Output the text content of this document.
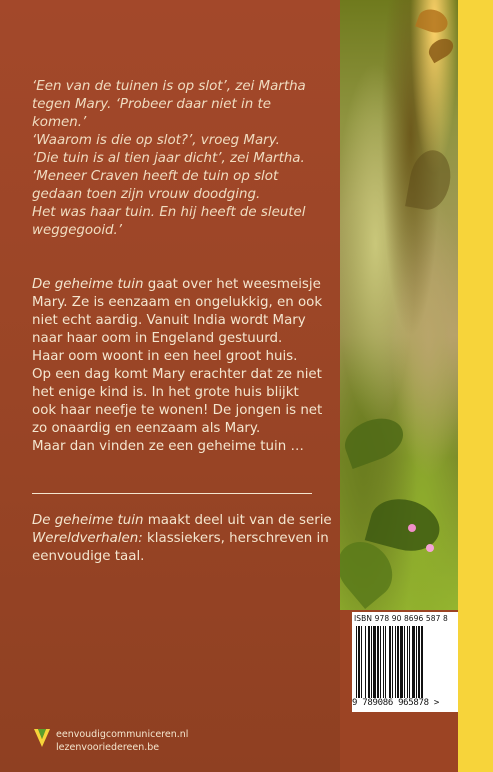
‘Een van de tuinen is op slot’, zei Martha

tegen Mary. ‘Probeer daar niet in te

komen.’

‘Waarom is die op slot?’, vroeg Mary.

‘Die tuin is al tien jaar dicht’, zei Martha.

‘Meneer Craven heeft de tuin op slot

gedaan toen zijn vrouw doodging.

Het was haar tuin. En hij heeft de sleutel

weggegooid.’

De geheime tuin gaat over het weesmeisje

Mary. Ze is eenzaam en ongelukkig, en ook

niet echt aardig. Vanuit India wordt Mary

naar haar oom in Engeland gestuurd.

Haar oom woont in een heel groot huis.

Op een dag komt Mary erachter dat ze niet

het enige kind is. In het grote huis blijkt

ook haar neefje te wonen! De jongen is net

zo onaardig en eenzaam als Mary.

Maar dan vinden ze een geheime tuin …

De geheime tuin maakt deel uit van de serie

Wereldverhalen: klassiekers, herschreven in

eenvoudige taal.

ISBN 978 90 8696 587 8
9 789086 965878 >
eenvoudigcommuniceren.nl
lezenvooriedereen.be
